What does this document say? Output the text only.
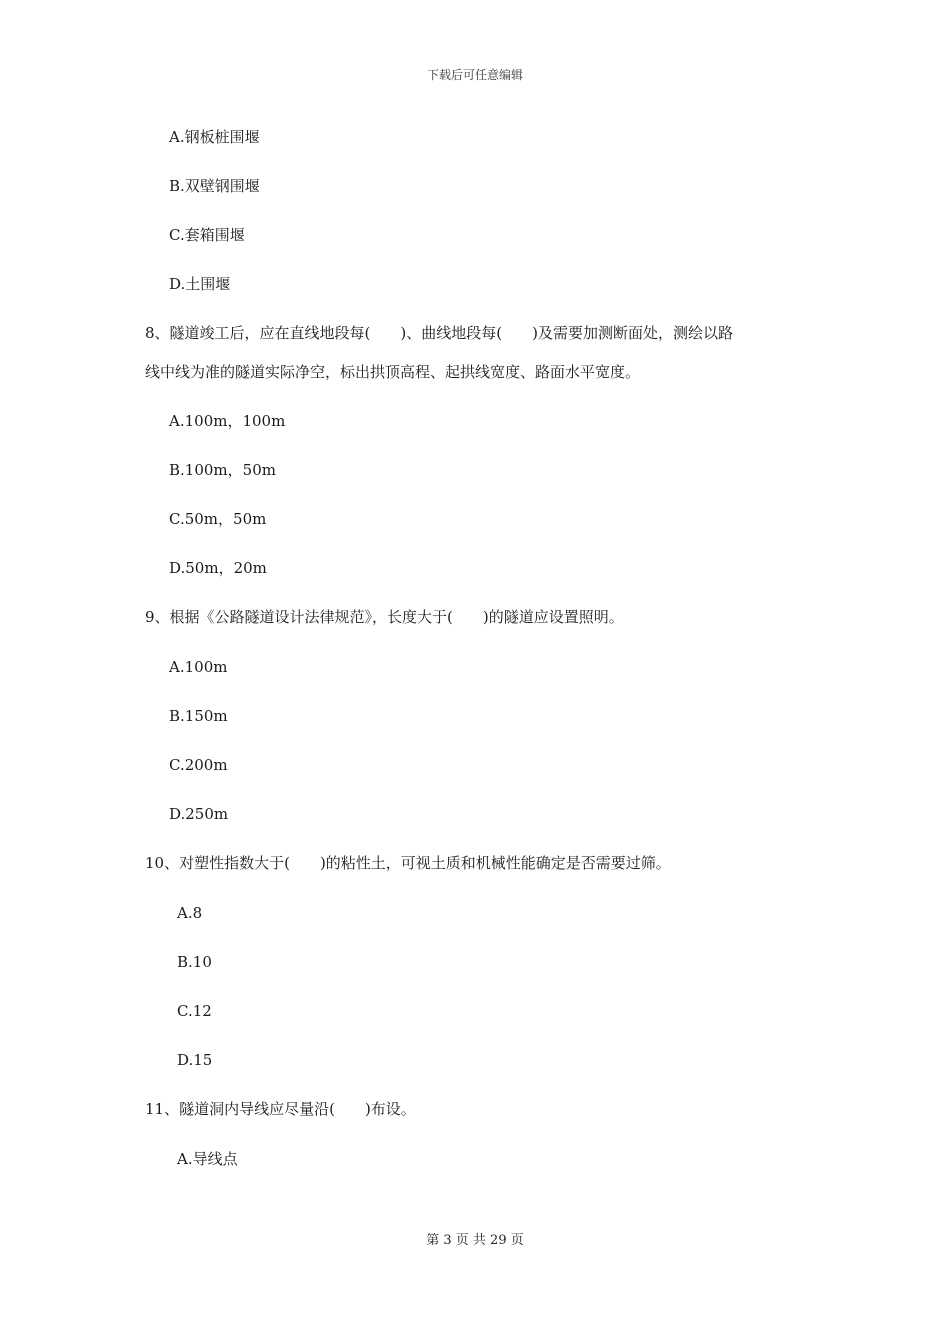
下载后可任意编辑
A.钢板桩围堰
B.双壁钢围堰
C.套箱围堰
D.土围堰
8、隧道竣工后，应在直线地段每(　　)、曲线地段每(　　)及需要加测断面处，测绘以路
线中线为准的隧道实际净空，标出拱顶高程、起拱线宽度、路面水平宽度。
A.100m，100m
B.100m，50m
C.50m，50m
D.50m，20m
9、根据《公路隧道设计法律规范》，长度大于(　　)的隧道应设置照明。
A.100m
B.150m
C.200m
D.250m
10、对塑性指数大于(　　)的粘性土，可视土质和机械性能确定是否需要过筛。
A.8
B.10
C.12
D.15
11、隧道洞内导线应尽量沿(　　)布设。
A.导线点
第 3 页 共 29 页
